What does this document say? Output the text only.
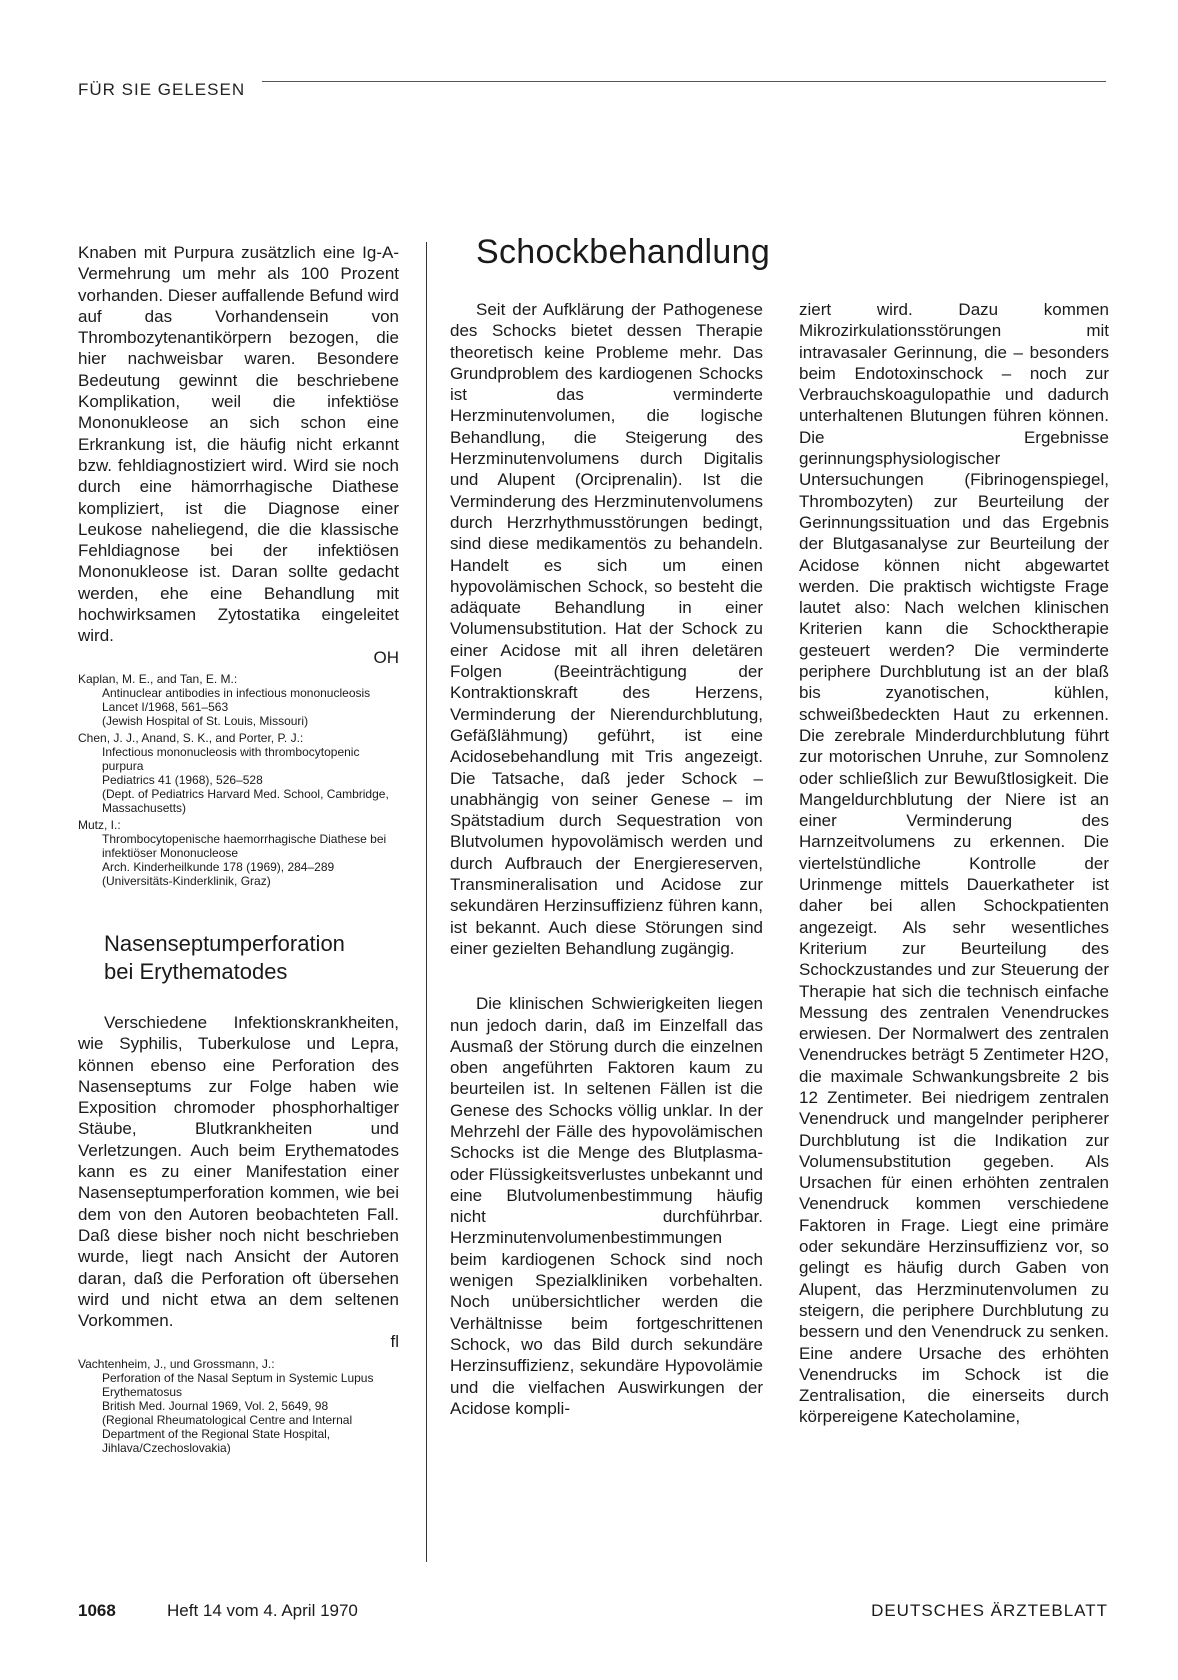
FÜR SIE GELESEN

Knaben mit Purpura zusätzlich eine Ig-A-Vermehrung um mehr als 100 Prozent vorhanden. Dieser auffallende Befund wird auf das Vorhandensein von Thrombozytenantikörpern bezogen, die hier nachweisbar waren. Besondere Bedeutung gewinnt die beschriebene Komplikation, weil die infektiöse Mononukleose an sich schon eine Erkrankung ist, die häufig nicht erkannt bzw. fehldiagnostiziert wird. Wird sie noch durch eine hämorrhagische Diathese kompliziert, ist die Diagnose einer Leukose naheliegend, die die klassische Fehldiagnose bei der infektiösen Mononukleose ist. Daran sollte gedacht werden, ehe eine Behandlung mit hochwirksamen Zytostatika eingeleitet wird.

OH
Kaplan, M. E., and Tan, E. M.:
Antinuclear antibodies in infectious mononucleosis
Lancet I/1968, 561–563
(Jewish Hospital of St. Louis, Missouri)
Chen, J. J., Anand, S. K., and Porter, P. J.:
Infectious mononucleosis with thrombocytopenic purpura
Pediatrics 41 (1968), 526–528
(Dept. of Pediatrics Harvard Med. School, Cambridge, Massachusetts)
Mutz, I.:
Thrombocytopenische haemorrhagische Diathese bei infektiöser Mononucleose
Arch. Kinderheilkunde 178 (1969), 284–289
(Universitäts-Kinderklinik, Graz)
Nasenseptumperforation
bei Erythematodes

Verschiedene Infektionskrankheiten, wie Syphilis, Tuberkulose und Lepra, können ebenso eine Perforation des Nasenseptums zur Folge haben wie Exposition chromoder phosphorhaltiger Stäube, Blutkrankheiten und Verletzungen. Auch beim Erythematodes kann es zu einer Manifestation einer Nasenseptumperforation kommen, wie bei dem von den Autoren beobachteten Fall. Daß diese bisher noch nicht beschrieben wurde, liegt nach Ansicht der Autoren daran, daß die Perforation oft übersehen wird und nicht etwa an dem seltenen Vorkommen.

fl
Vachtenheim, J., und Grossmann, J.:
Perforation of the Nasal Septum in Systemic Lupus Erythematosus
British Med. Journal 1969, Vol. 2, 5649, 98
(Regional Rheumatological Centre and Internal Department of the Regional State Hospital, Jihlava/Czechoslovakia)
Schockbehandlung

Seit der Aufklärung der Pathogenese des Schocks bietet dessen Therapie theoretisch keine Probleme mehr. Das Grundproblem des kardiogenen Schocks ist das verminderte Herzminutenvolumen, die logische Behandlung, die Steigerung des Herzminutenvolumens durch Digitalis und Alupent (Orciprenalin). Ist die Verminderung des Herzminutenvolumens durch Herzrhythmusstörungen bedingt, sind diese medikamentös zu behandeln. Handelt es sich um einen hypovolämischen Schock, so besteht die adäquate Behandlung in einer Volumensubstitution. Hat der Schock zu einer Acidose mit all ihren deletären Folgen (Beeinträchtigung der Kontraktionskraft des Herzens, Verminderung der Nierendurchblutung, Gefäßlähmung) geführt, ist eine Acidosebehandlung mit Tris angezeigt. Die Tatsache, daß jeder Schock – unabhängig von seiner Genese – im Spätstadium durch Sequestration von Blutvolumen hypovolämisch werden und durch Aufbrauch der Energiereserven, Transmineralisation und Acidose zur sekundären Herzinsuffizienz führen kann, ist bekannt. Auch diese Störungen sind einer gezielten Behandlung zugängig.

Die klinischen Schwierigkeiten liegen nun jedoch darin, daß im Einzelfall das Ausmaß der Störung durch die einzelnen oben angeführten Faktoren kaum zu beurteilen ist. In seltenen Fällen ist die Genese des Schocks völlig unklar. In der Mehrzehl der Fälle des hypovolämischen Schocks ist die Menge des Blutplasma- oder Flüssigkeitsverlustes unbekannt und eine Blutvolumenbestimmung häufig nicht durchführbar. Herzminutenvolumenbestimmungen beim kardiogenen Schock sind noch wenigen Spezialkliniken vorbehalten. Noch unübersichtlicher werden die Verhältnisse beim fortgeschrittenen Schock, wo das Bild durch sekundäre Herzinsuffizienz, sekundäre Hypovolämie und die vielfachen Auswirkungen der Acidose kompli-

ziert wird. Dazu kommen Mikrozirkulationsstörungen mit intravasaler Gerinnung, die – besonders beim Endotoxinschock – noch zur Verbrauchskoagulopathie und dadurch unterhaltenen Blutungen führen können. Die Ergebnisse gerinnungsphysiologischer Untersuchungen (Fibrinogenspiegel, Thrombozyten) zur Beurteilung der Gerinnungssituation und das Ergebnis der Blutgasanalyse zur Beurteilung der Acidose können nicht abgewartet werden. Die praktisch wichtigste Frage lautet also: Nach welchen klinischen Kriterien kann die Schocktherapie gesteuert werden? Die verminderte periphere Durchblutung ist an der blaß bis zyanotischen, kühlen, schweißbedeckten Haut zu erkennen. Die zerebrale Minderdurchblutung führt zur motorischen Unruhe, zur Somnolenz oder schließlich zur Bewußtlosigkeit. Die Mangeldurchblutung der Niere ist an einer Verminderung des Harnzeitvolumens zu erkennen. Die viertelstündliche Kontrolle der Urinmenge mittels Dauerkatheter ist daher bei allen Schockpatienten angezeigt. Als sehr wesentliches Kriterium zur Beurteilung des Schockzustandes und zur Steuerung der Therapie hat sich die technisch einfache Messung des zentralen Venendruckes erwiesen. Der Normalwert des zentralen Venendruckes beträgt 5 Zentimeter H2O, die maximale Schwankungsbreite 2 bis 12 Zentimeter. Bei niedrigem zentralen Venendruck und mangelnder peripherer Durchblutung ist die Indikation zur Volumensubstitution gegeben. Als Ursachen für einen erhöhten zentralen Venendruck kommen verschiedene Faktoren in Frage. Liegt eine primäre oder sekundäre Herzinsuffizienz vor, so gelingt es häufig durch Gaben von Alupent, das Herzminutenvolumen zu steigern, die periphere Durchblutung zu bessern und den Venendruck zu senken. Eine andere Ursache des erhöhten Venendrucks im Schock ist die Zentralisation, die einerseits durch körpereigene Katecholamine,

1068	Heft 14 vom 4. April 1970	DEUTSCHES ÄRZTEBLATT
